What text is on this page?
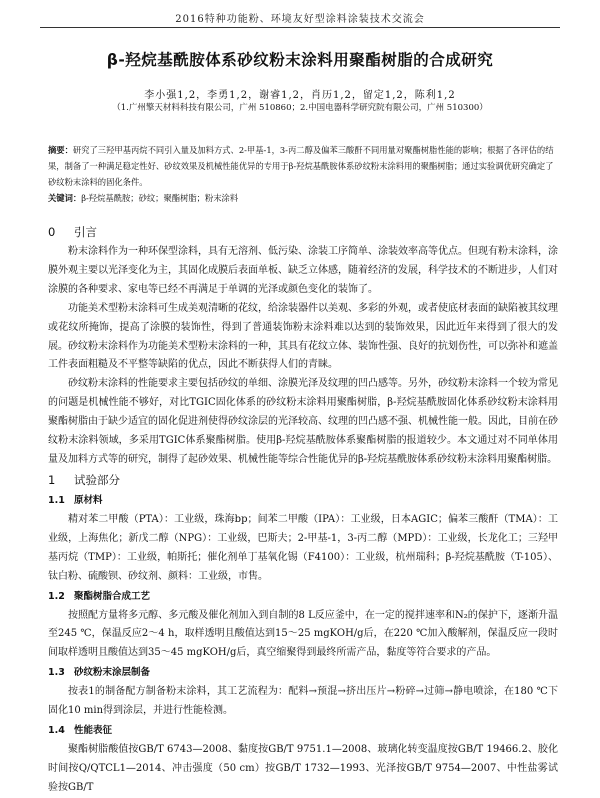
2016特种功能粉、环境友好型涂料涂装技术交流会
β-羟烷基酰胺体系砂纹粉末涂料用聚酯树脂的合成研究
李小强1,2，李勇1,2，谢睿1,2，肖历1,2，留定1,2，陈利1,2
（1.广州擎天材料科技有限公司，广州 510860；2.中国电器科学研究院有限公司，广州 510300）

摘要：研究了三羟甲基丙烷不同引入量及加料方式、2-甲基-1，3-丙二醇及偏苯三酸酐不同用量对聚酯树脂性能的影响；根据了各评估的结果，制备了一种满足稳定性好、砂纹效果及机械性能优异的专用于β-羟烷基酰胺体系砂纹粉末涂料用的聚酯树脂；通过实验调优研究确定了砂纹粉末涂料的固化条件。

关键词：β-羟烷基酰胺；砂纹；聚酯树脂；粉末涂料

0 引言

粉末涂料作为一种环保型涂料，具有无溶剂、低污染、涂装工序简单、涂装效率高等优点。但现有粉末涂料，涂膜外观主要以光泽变化为主，其固化成膜后表面单板、缺乏立体感，随着经济的发展，科学技术的不断进步，人们对涂膜的各种要求、家电等已经不再满足于单调的光泽或颜色变化的装饰了。

功能美术型粉末涂料可生成美观清晰的花纹，给涂装器件以美观、多彩的外观，或者使底材表面的缺陷被其纹理或花纹所掩饰，提高了涂膜的装饰性，得到了普通装饰粉末涂料难以达到的装饰效果，因此近年来得到了很大的发展。砂纹粉末涂料作为功能美术型粉末涂料的一种，其具有花纹立体、装饰性强、良好的抗划伤性，可以弥补和遮盖工件表面粗糙及不平整等缺陷的优点，因此不断获得人们的青睐。

砂纹粉末涂料的性能要求主要包括砂纹的单细、涂膜光泽及纹理的凹凸感等。另外，砂纹粉末涂料一个较为常见的问题是机械性能不够好，对比TGIC固化体系的砂纹粉末涂料用聚酯树脂，β-羟烷基酰胺固化体系砂纹粉末涂料用聚酯树脂由于缺少适宜的固化促进剂使得砂纹涂层的光泽较高、纹理的凹凸感不强、机械性能一般。因此，目前在砂纹粉末涂料领域，多采用TGIC体系聚酯树脂。使用β-羟烷基酰胺体系聚酯树脂的报道较少。本文通过对不同单体用量及加料方式等的研究，制得了起砂效果、机械性能等综合性能优异的β-羟烷基酰胺体系砂纹粉末涂料用聚酯树脂。

1 试验部分
1.1 原材料

精对苯二甲酸（PTA）：工业级，珠海bp；间苯二甲酸（IPA）：工业级，日本AGIC；偏苯三酸酐（TMA）：工业级，上海焦化；新戊二醇（NPG）：工业级，巴斯夫；2-甲基-1，3-丙二醇（MPD）：工业级，长龙化工；三羟甲基丙烷（TMP）：工业级，帕斯托；催化剂单丁基氧化锡（F4100）：工业级，杭州瑞科；β-羟烷基酰胺（T-105）、钛白粉、硫酸钡、砂纹剂、颜料：工业级，市售。

1.2 聚酯树脂合成工艺

按照配方量将多元醇、多元酸及催化剂加入到自制的8 L反应釜中，在一定的搅拌速率和N₂的保护下，逐渐升温至245 ℃，保温反应2～4 h，取样透明且酸值达到15～25 mgKOH/g后，在220 ℃加入酸解剂，保温反应一段时间取样透明且酸值达到35～45 mgKOH/g后，真空缩聚得到最终所需产品，黏度等符合要求的产品。

1.3 砂纹粉末涂层制备

按表1的制备配方制备粉末涂料，其工艺流程为：配料→预混→挤出压片→粉碎→过筛→静电喷涂，在180 ℃下固化10 min得到涂层，并进行性能检测。

1.4 性能表征

聚酯树脂酸值按GB/T 6743—2008、黏度按GB/T 9751.1—2008、玻璃化转变温度按GB/T 19466.2、胶化时间按Q/QTCL1—2014、冲击强度（50 cm）按GB/T 1732—1993、光泽按GB/T 9754—2007、中性盐雾试验按GB/T
